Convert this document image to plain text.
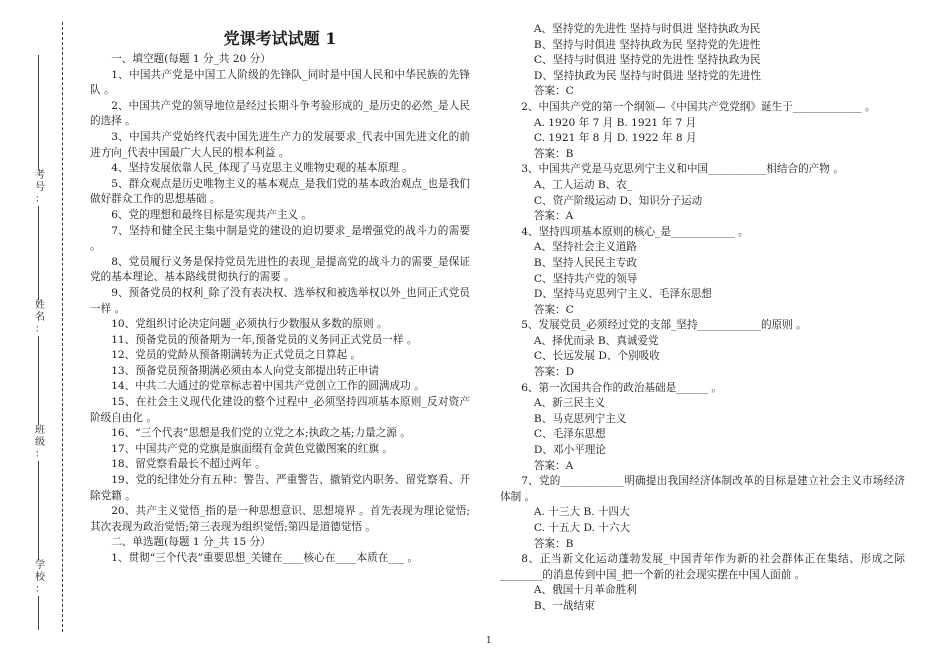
考
号
：
姓
名
：
班
级
：
学
校
：
党课考试试题 1
一、填空题(每题 1 分_共 20 分）
1、中国共产党是中国工人阶级的先锋队_同时是中国人民和中华民族的先锋队 。
2、中国共产党的领导地位是经过长期斗争考验形成的_是历史的必然_是人民的选择 。
3、中国共产党始终代表中国先进生产力的发展要求_代表中国先进文化的前进方向_代表中国最广大人民的根本利益 。
4、坚持发展依靠人民_体现了马克思主义唯物史观的基本原理 。
5、群众观点是历史唯物主义的基本观点_是我们党的基本政治观点_也是我们做好群众工作的思想基础 。
6、党的理想和最终目标是实现共产主义 。
7、坚持和健全民主集中制是党的建设的迫切要求_是增强党的战斗力的需要 。
8、党员履行义务是保持党员先进性的表现_是提高党的战斗力的需要_是保证党的基本理论、基本路线贯彻执行的需要 。
9、预备党员的权利_除了没有表决权、选举权和被选举权以外_也同正式党员一样 。
10、党组织讨论决定问题_必须执行少数服从多数的原则 。
11、预备党员的预备期为一年,预备党员的义务同正式党员一样 。
12、党员的党龄从预备期满转为正式党员之日算起 。
13、预备党员预备期满必须由本人向党支部提出转正申请
14、中共二大通过的党章标志着中国共产党创立工作的圆满成功 。
15、在社会主义现代化建设的整个过程中_必须坚持四项基本原则_反对资产阶级自由化 。
16、“三个代表”思想是我们党的立党之本;执政之基;力量之源 。
17、中国共产党的党旗是旗面缀有金黄色党徽图案的红旗 。
18、留党察看最长不超过两年 。
19、党的纪律处分有五种：警告、严重警告、撤销党内职务、留党察看、开除党籍 。
20、共产主义觉悟_指的是一种思想意识、思想境界 。首先表现为理论觉悟;其次表现为政治觉悟;第三表现为组织觉悟;第四是道德觉悟 。
二、单选题(每题 1 分_共 15 分）
1、贯彻“三个代表”重要思想_关键在____核心在____本质在___ 。
A、坚持党的先进性 坚持与时俱进 坚持执政为民
B、坚持与时俱进 坚持执政为民 坚持党的先进性
C、坚持与时俱进 坚持党的先进性 坚持执政为民
D、坚持执政为民 坚持与时俱进 坚持党的先进性
答案：C
2、中国共产党的第一个纲领—《中国共产党党纲》诞生于_____________ 。
A. 1920 年 7 月 B. 1921 年 7 月
C. 1921 年 8 月 D. 1922 年 8 月
答案：B
3、中国共产党是马克思列宁主义和中国___________相结合的产物 。
A、工人运动 B、农_
C、资产阶级运动 D、知识分子运动
答案：A
4、坚持四项基本原则的核心_是____________ 。
A、坚持社会主义道路
B、坚持人民民主专政
C、坚持共产党的领导
D、坚持马克思列宁主义、毛泽东思想
答案：C
5、发展党员_必须经过党的支部_坚持____________的原则 。
A、择优而录 B、真诚爱党
C、长远发展 D、个别吸收
答案：D
6、第一次国共合作的政治基础是______ 。
A、新三民主义
B、马克思列宁主义
C、毛泽东思想
D、邓小平理论
答案：A
7、党的____________明确提出我国经济体制改革的目标是建立社会主义市场经济体制 。
A. 十三大 B. 十四大
C. 十五大 D. 十六大
答案：B
8、正当新文化运动蓬勃发展_中国青年作为新的社会群体正在集结、形成之际________的消息传到中国_把一个新的社会现实摆在中国人面前 。
A、俄国十月革命胜利
B、一战结束
1
